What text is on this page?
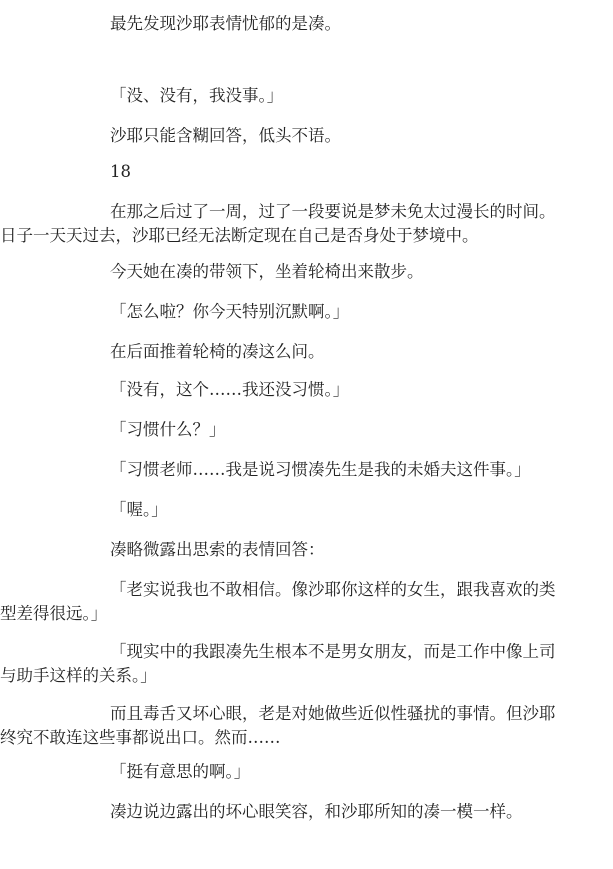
最先发现沙耶表情忧郁的是凑。

「没、没有，我没事。」

沙耶只能含糊回答，低头不语。

18

在那之后过了一周，过了一段要说是梦未免太过漫长的时间。日子一天天过去，沙耶已经无法断定现在自己是否身处于梦境中。

今天她在凑的带领下，坐着轮椅出来散步。

「怎么啦？你今天特别沉默啊。」

在后面推着轮椅的凑这么问。

「没有，这个……我还没习惯。」

「习惯什么？」

「习惯老师……我是说习惯凑先生是我的未婚夫这件事。」

「喔。」

凑略微露出思索的表情回答：

「老实说我也不敢相信。像沙耶你这样的女生，跟我喜欢的类型差得很远。」

「现实中的我跟凑先生根本不是男女朋友，而是工作中像上司与助手这样的关系。」

而且毒舌又坏心眼，老是对她做些近似性骚扰的事情。但沙耶终究不敢连这些事都说出口。然而……

「挺有意思的啊。」

凑边说边露出的坏心眼笑容，和沙耶所知的凑一模一样。
